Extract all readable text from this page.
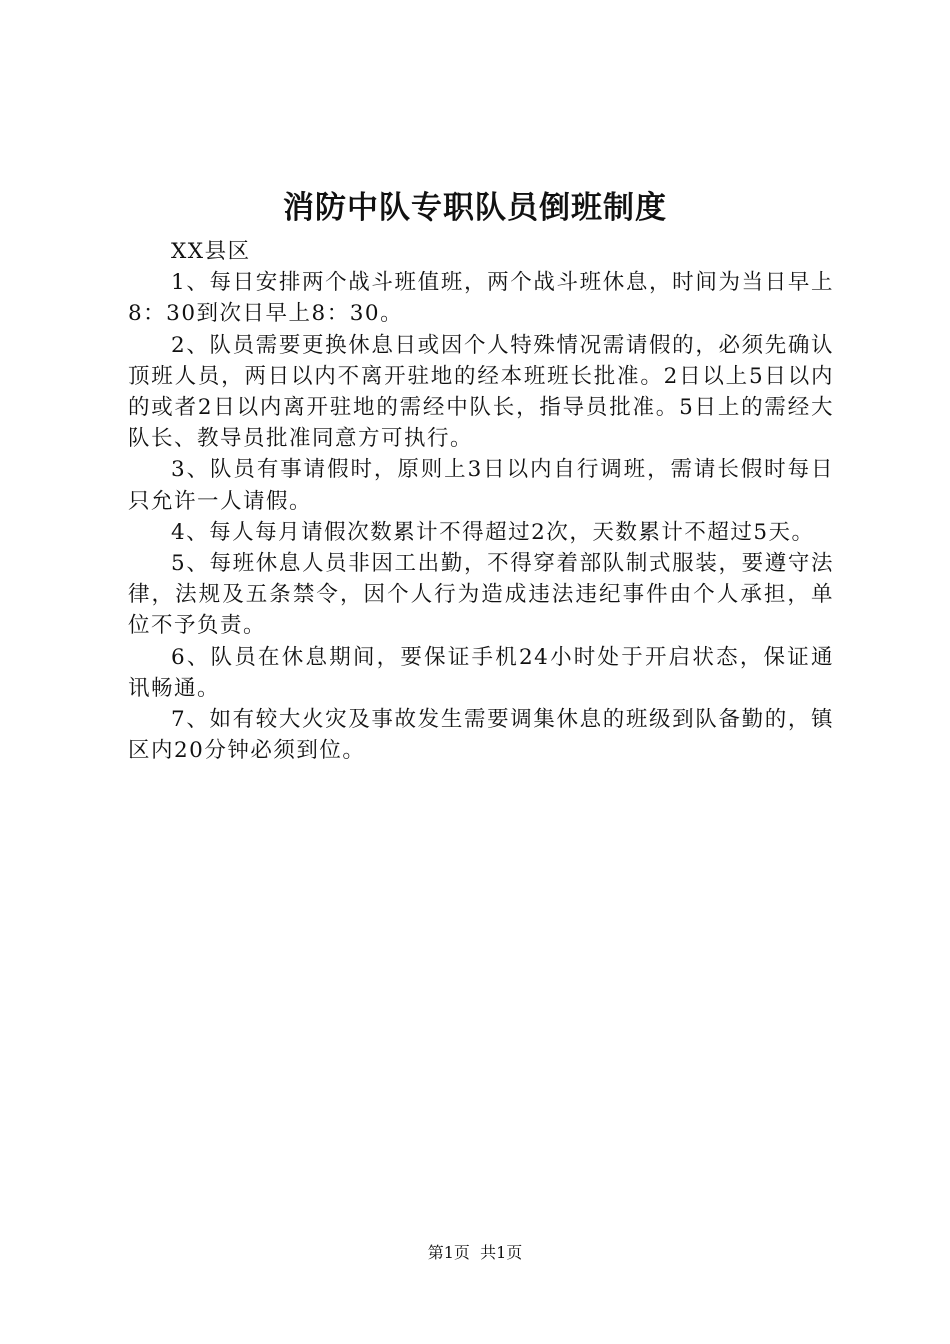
消防中队专职队员倒班制度

XX县区

1、每日安排两个战斗班值班，两个战斗班休息，时间为当日早上8：30到次日早上8：30。

2、队员需要更换休息日或因个人特殊情况需请假的，必须先确认顶班人员，两日以内不离开驻地的经本班班长批准。2日以上5日以内的或者2日以内离开驻地的需经中队长，指导员批准。5日上的需经大队长、教导员批准同意方可执行。

3、队员有事请假时，原则上3日以内自行调班，需请长假时每日只允许一人请假。

4、每人每月请假次数累计不得超过2次，天数累计不超过5天。

5、每班休息人员非因工出勤，不得穿着部队制式服装，要遵守法律，法规及五条禁令，因个人行为造成违法违纪事件由个人承担，单位不予负责。

6、队员在休息期间，要保证手机24小时处于开启状态，保证通讯畅通。

7、如有较大火灾及事故发生需要调集休息的班级到队备勤的，镇区内20分钟必须到位。

第1页  共1页
